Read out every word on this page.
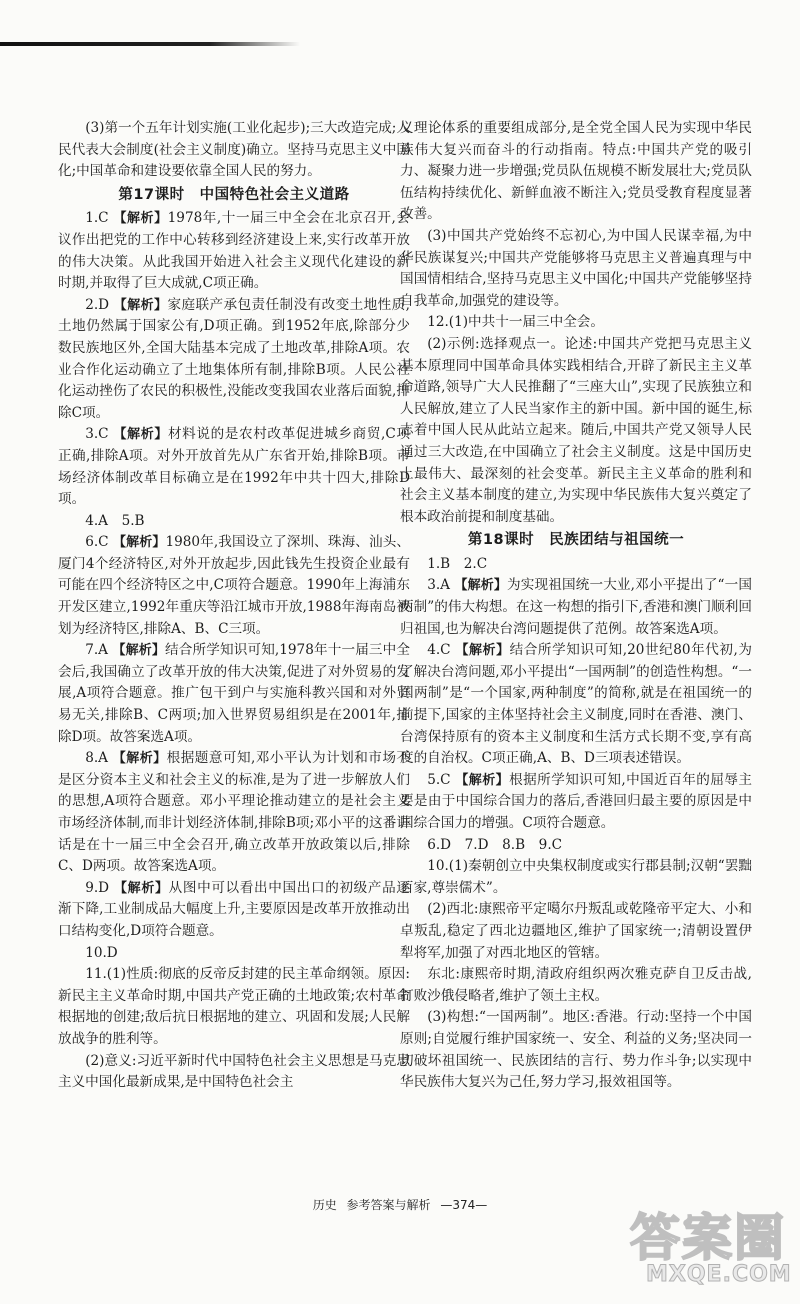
(3)第一个五年计划实施(工业化起步);三大改造完成;人民代表大会制度(社会主义制度)确立。坚持马克思主义中国化;中国革命和建设要依靠全国人民的努力。

第17课时　中国特色社会主义道路

1.C 【解析】1978年,十一届三中全会在北京召开,会议作出把党的工作中心转移到经济建设上来,实行改革开放的伟大决策。从此我国开始进入社会主义现代化建设的新时期,并取得了巨大成就,C项正确。

2.D 【解析】家庭联产承包责任制没有改变土地性质,土地仍然属于国家公有,D项正确。到1952年底,除部分少数民族地区外,全国大陆基本完成了土地改革,排除A项。农业合作化运动确立了土地集体所有制,排除B项。人民公社化运动挫伤了农民的积极性,没能改变我国农业落后面貌,排除C项。

3.C 【解析】材料说的是农村改革促进城乡商贸,C项正确,排除A项。对外开放首先从广东省开始,排除B项。市场经济体制改革目标确立是在1992年中共十四大,排除D项。

4.A　5.B

6.C 【解析】1980年,我国设立了深圳、珠海、汕头、厦门4个经济特区,对外开放起步,因此钱先生投资企业最有可能在四个经济特区之中,C项符合题意。1990年上海浦东开发区建立,1992年重庆等沿江城市开放,1988年海南岛被划为经济特区,排除A、B、C三项。

7.A 【解析】结合所学知识可知,1978年十一届三中全会后,我国确立了改革开放的伟大决策,促进了对外贸易的发展,A项符合题意。推广包干到户与实施科教兴国和对外贸易无关,排除B、C两项;加入世界贸易组织是在2001年,排除D项。故答案选A项。

8.A 【解析】根据题意可知,邓小平认为计划和市场不是区分资本主义和社会主义的标准,是为了进一步解放人们的思想,A项符合题意。邓小平理论推动建立的是社会主义市场经济体制,而非计划经济体制,排除B项;邓小平的这番讲话是在十一届三中全会召开,确立改革开放政策以后,排除C、D两项。故答案选A项。

9.D 【解析】从图中可以看出中国出口的初级产品逐渐下降,工业制成品大幅度上升,主要原因是改革开放推动出口结构变化,D项符合题意。

10.D

11.(1)性质:彻底的反帝反封建的民主革命纲领。原因:新民主主义革命时期,中国共产党正确的土地政策;农村革命根据地的创建;敌后抗日根据地的建立、巩固和发展;人民解放战争的胜利等。

(2)意义:习近平新时代中国特色社会主义思想是马克思主义中国化最新成果,是中国特色社会主

义理论体系的重要组成部分,是全党全国人民为实现中华民族伟大复兴而奋斗的行动指南。特点:中国共产党的吸引力、凝聚力进一步增强;党员队伍规模不断发展壮大;党员队伍结构持续优化、新鲜血液不断注入;党员受教育程度显著改善。

(3)中国共产党始终不忘初心,为中国人民谋幸福,为中华民族谋复兴;中国共产党能够将马克思主义普遍真理与中国国情相结合,坚持马克思主义中国化;中国共产党能够坚持自我革命,加强党的建设等。

12.(1)中共十一届三中全会。

(2)示例:选择观点一。论述:中国共产党把马克思主义基本原理同中国革命具体实践相结合,开辟了新民主主义革命道路,领导广大人民推翻了“三座大山”,实现了民族独立和人民解放,建立了人民当家作主的新中国。新中国的诞生,标志着中国人民从此站立起来。随后,中国共产党又领导人民通过三大改造,在中国确立了社会主义制度。这是中国历史上最伟大、最深刻的社会变革。新民主主义革命的胜利和社会主义基本制度的建立,为实现中华民族伟大复兴奠定了根本政治前提和制度基础。

第18课时　民族团结与祖国统一

1.B　2.C

3.A 【解析】为实现祖国统一大业,邓小平提出了“一国两制”的伟大构想。在这一构想的指引下,香港和澳门顺利回归祖国,也为解决台湾问题提供了范例。故答案选A项。

4.C 【解析】结合所学知识可知,20世纪80年代初,为了解决台湾问题,邓小平提出“一国两制”的创造性构想。“一国两制”是“一个国家,两种制度”的简称,就是在祖国统一的前提下,国家的主体坚持社会主义制度,同时在香港、澳门、台湾保持原有的资本主义制度和生活方式长期不变,享有高度的自治权。C项正确,A、B、D三项表述错误。

5.C 【解析】根据所学知识可知,中国近百年的屈辱主要是由于中国综合国力的落后,香港回归最主要的原因是中国综合国力的增强。C项符合题意。

6.D　7.D　8.B　9.C

10.(1)秦朝创立中央集权制度或实行郡县制;汉朝“罢黜百家,尊崇儒术”。

(2)西北:康熙帝平定噶尔丹叛乱或乾隆帝平定大、小和卓叛乱,稳定了西北边疆地区,维护了国家统一;清朝设置伊犁将军,加强了对西北地区的管辖。

东北:康熙帝时期,清政府组织两次雅克萨自卫反击战,打败沙俄侵略者,维护了领土主权。

(3)构想:“一国两制”。地区:香港。行动:坚持一个中国原则;自觉履行维护国家统一、安全、利益的义务;坚决同一切破坏祖国统一、民族团结的言行、势力作斗争;以实现中华民族伟大复兴为己任,努力学习,报效祖国等。

历史 参考答案与解析 —374—
答案圈
MXQE.COM
